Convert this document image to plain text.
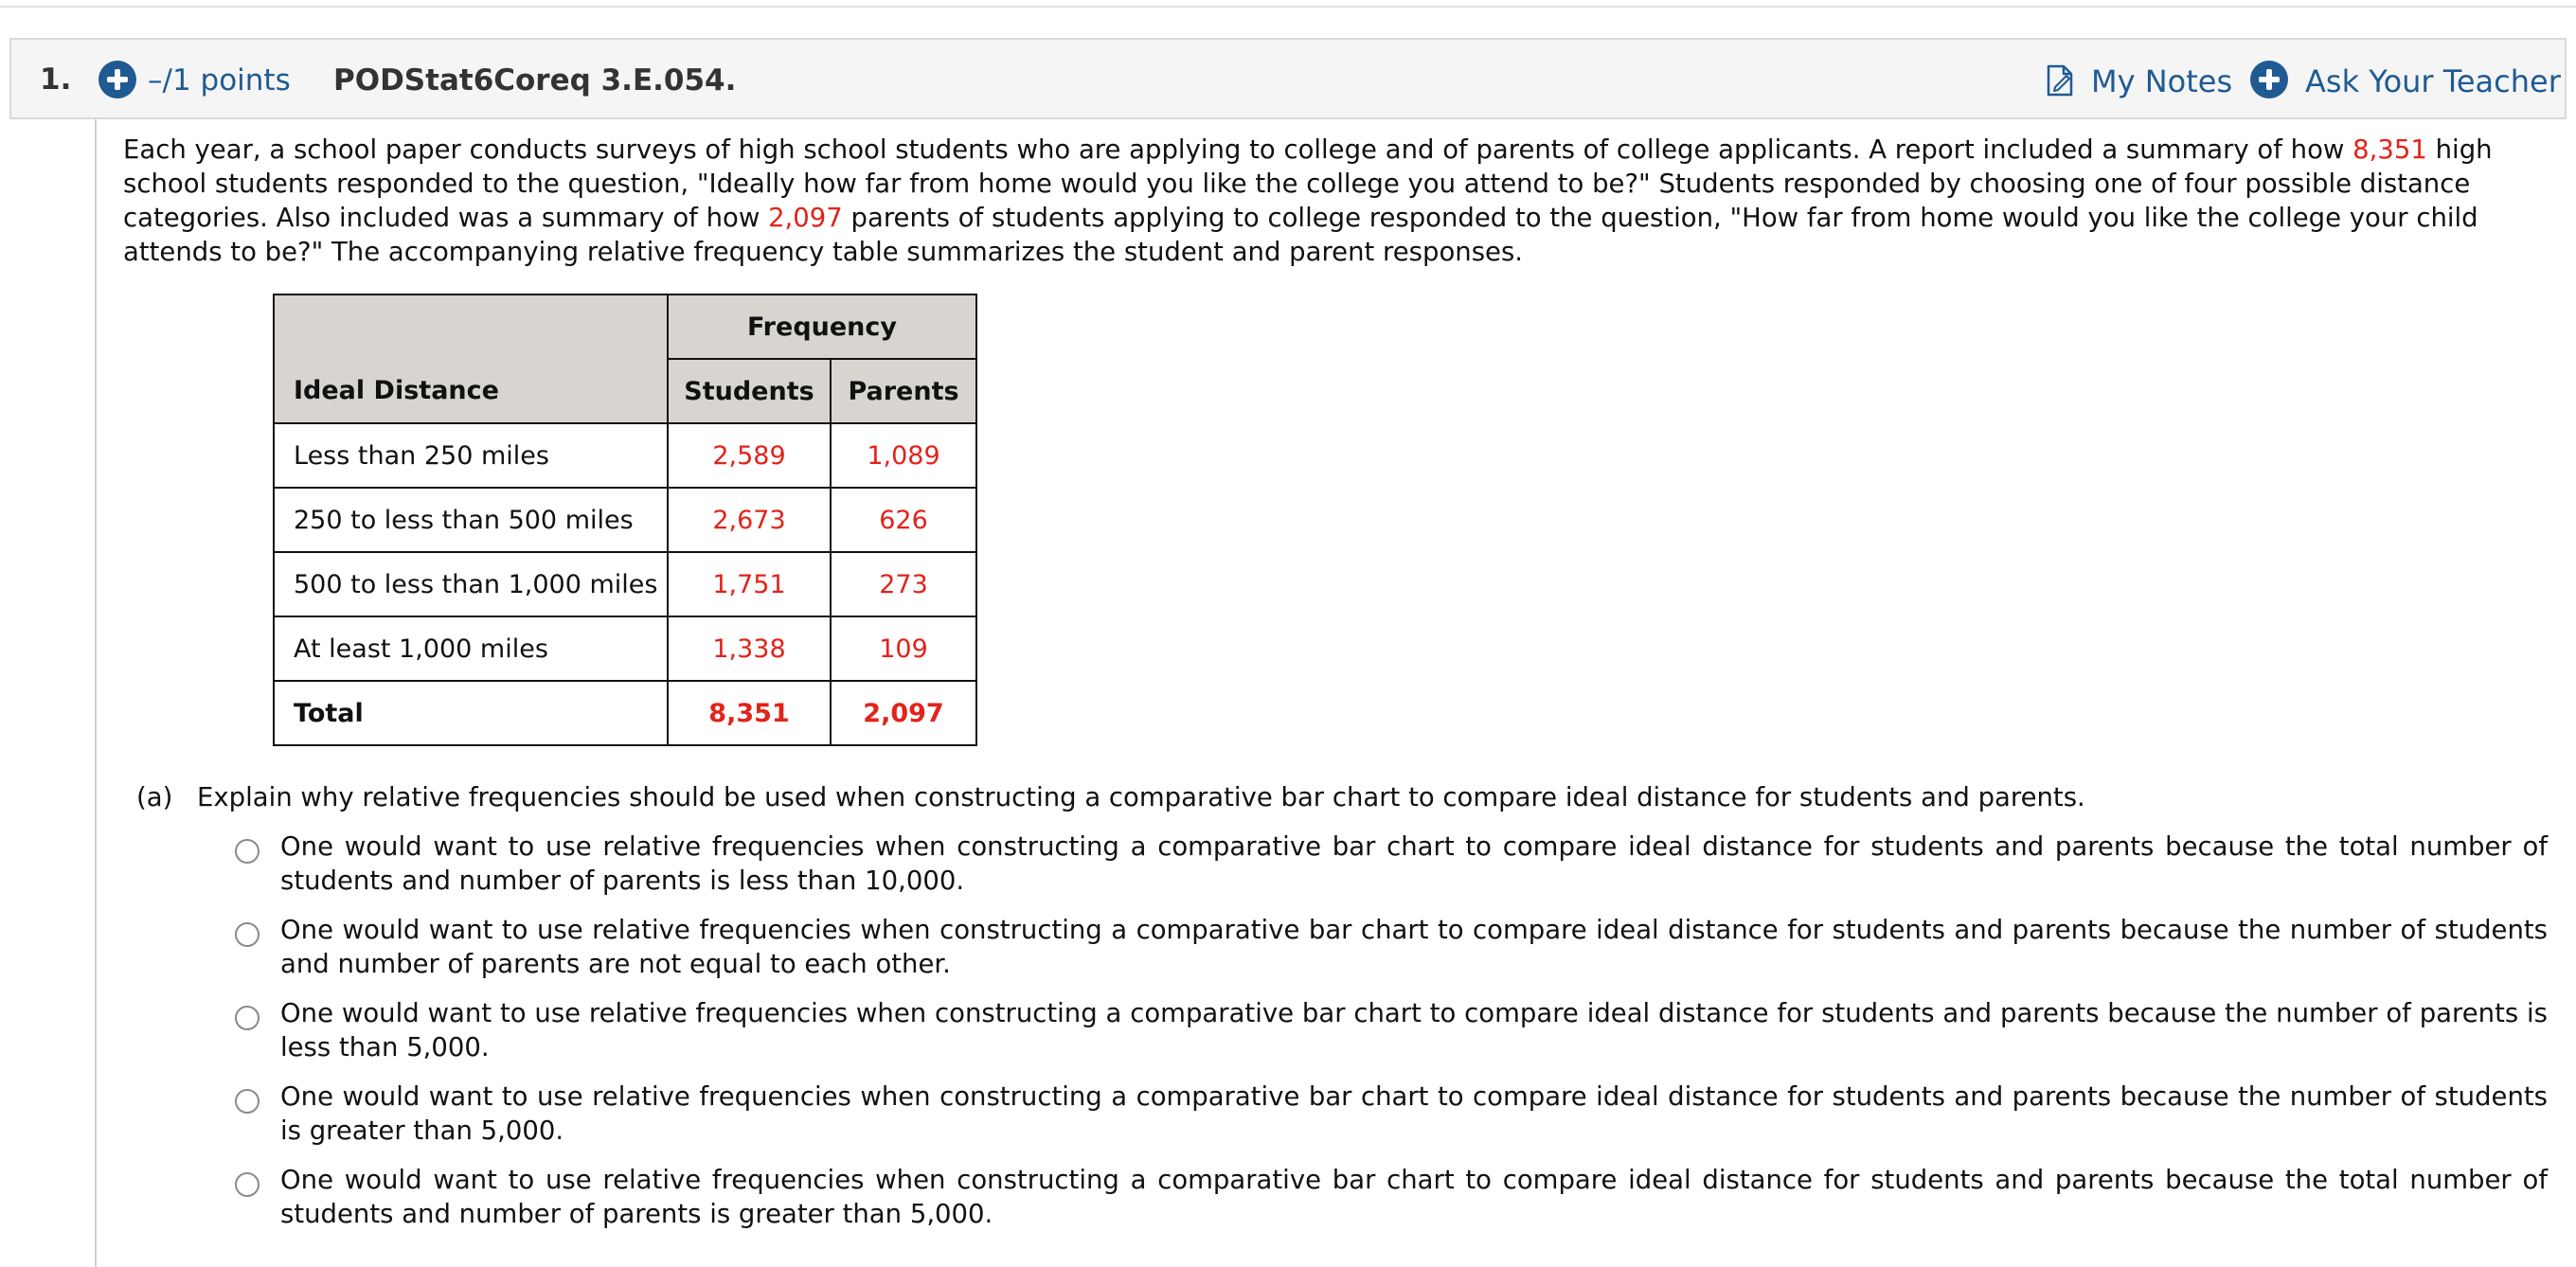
1.	–/1 points PODStat6Coreq 3.E.054.	My Notes Ask Your Teacher

Each year, a school paper conducts surveys of high school students who are applying to college and of parents of college applicants. A report included a summary of how 8,351 high school students responded to the question, "Ideally how far from home would you like the college you attend to be?" Students responded by choosing one of four possible distance categories. Also included was a summary of how 2,097 parents of students applying to college responded to the question, "How far from home would you like the college your child attends to be?" The accompanying relative frequency table summarizes the student and parent responses.

Ideal Distance	Frequency	
	Students	Parents
Less than 250 miles	2,589	1,089
250 to less than 500 miles	2,673	626
500 to less than 1,000 miles	1,751	273
At least 1,000 miles	1,338	109
Total	8,351	2,097
(a) Explain why relative frequencies should be used when constructing a comparative bar chart to compare ideal distance for students and parents.
One would want to use relative frequencies when constructing a comparative bar chart to compare ideal distance for students and parents because the total number of students and number of parents is less than 10,000.
One would want to use relative frequencies when constructing a comparative bar chart to compare ideal distance for students and parents because the number of students and number of parents are not equal to each other.
One would want to use relative frequencies when constructing a comparative bar chart to compare ideal distance for students and parents because the number of parents is less than 5,000.
One would want to use relative frequencies when constructing a comparative bar chart to compare ideal distance for students and parents because the number of students is greater than 5,000.
One would want to use relative frequencies when constructing a comparative bar chart to compare ideal distance for students and parents because the total number of students and number of parents is greater than 5,000.
